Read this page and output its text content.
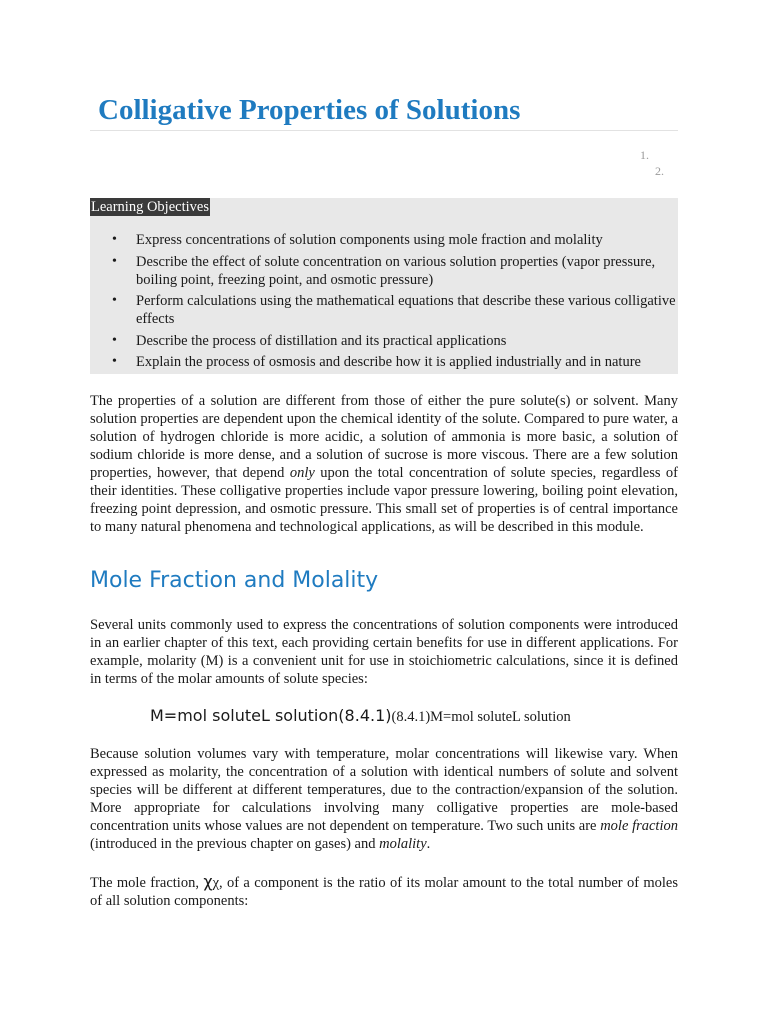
Colligative Properties of Solutions
1.
2.
Learning Objectives
• Express concentrations of solution components using mole fraction and molality
• Describe the effect of solute concentration on various solution properties (vapor pressure, boiling point, freezing point, and osmotic pressure)
• Perform calculations using the mathematical equations that describe these various colligative effects
• Describe the process of distillation and its practical applications
• Explain the process of osmosis and describe how it is applied industrially and in nature

The properties of a solution are different from those of either the pure solute(s) or solvent. Many solution properties are dependent upon the chemical identity of the solute. Compared to pure water, a solution of hydrogen chloride is more acidic, a solution of ammonia is more basic, a solution of sodium chloride is more dense, and a solution of sucrose is more viscous. There are a few solution properties, however, that depend only upon the total concentration of solute species, regardless of their identities. These colligative properties include vapor pressure lowering, boiling point elevation, freezing point depression, and osmotic pressure. This small set of properties is of central importance to many natural phenomena and technological applications, as will be described in this module.

Mole Fraction and Molality

Several units commonly used to express the concentrations of solution components were introduced in an earlier chapter of this text, each providing certain benefits for use in different applications. For example, molarity (M) is a convenient unit for use in stoichiometric calculations, since it is defined in terms of the molar amounts of solute species:

M=mol soluteL solution(8.4.1)(8.4.1)M=mol soluteL solution

Because solution volumes vary with temperature, molar concentrations will likewise vary. When expressed as molarity, the concentration of a solution with identical numbers of solute and solvent species will be different at different temperatures, due to the contraction/expansion of the solution. More appropriate for calculations involving many colligative properties are mole-based concentration units whose values are not dependent on temperature. Two such units are mole fraction (introduced in the previous chapter on gases) and molality.

The mole fraction, χχ, of a component is the ratio of its molar amount to the total number of moles of all solution components:
